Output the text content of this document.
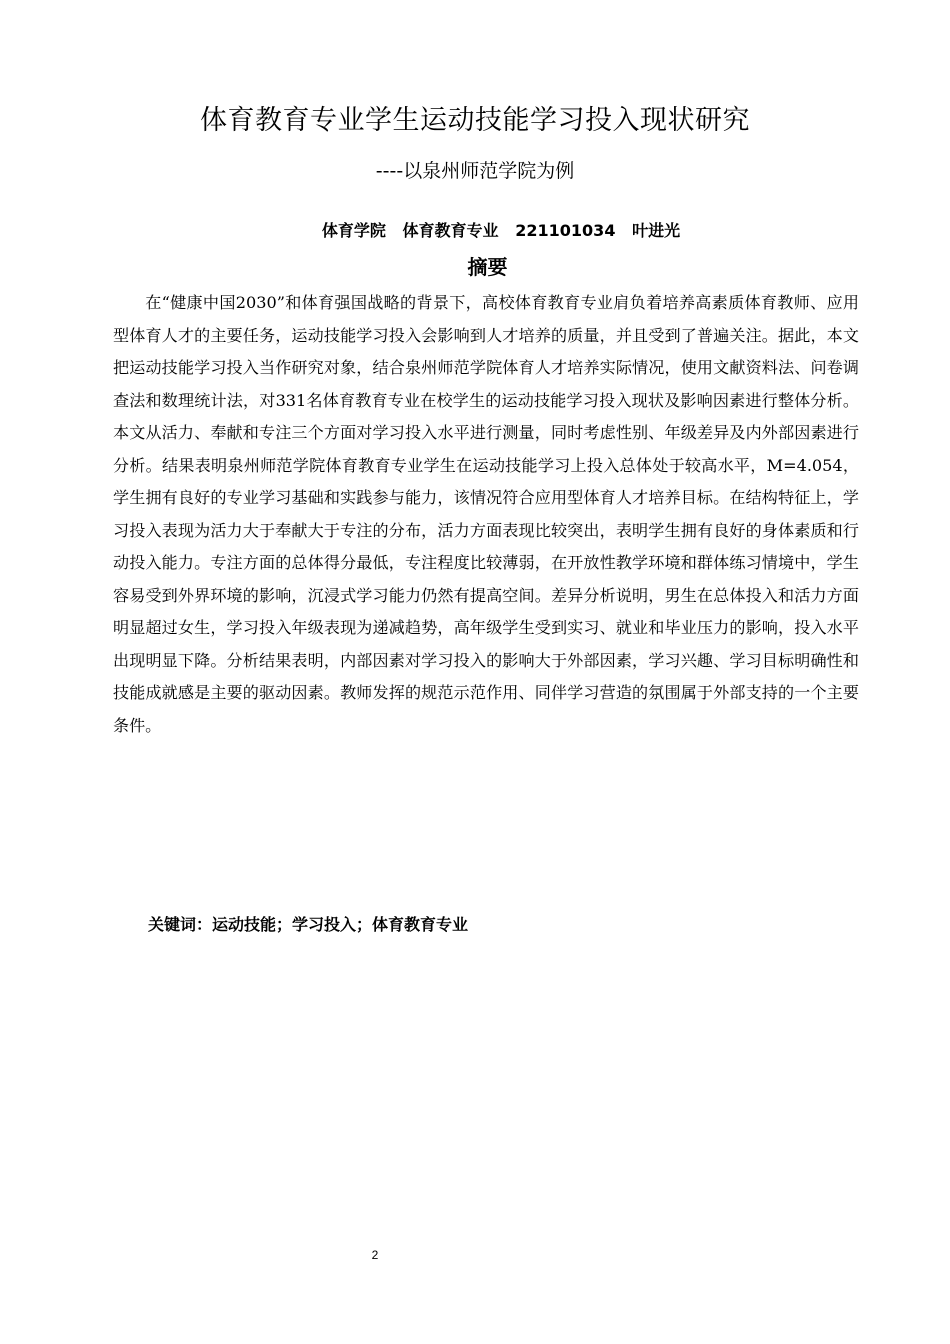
体育教育专业学生运动技能学习投入现状研究
----以泉州师范学院为例
体育学院   体育教育专业   221101034   叶进光
摘要

在“健康中国2030”和体育强国战略的背景下，高校体育教育专业肩负着培养高素质体育教师、应用型体育人才的主要任务，运动技能学习投入会影响到人才培养的质量，并且受到了普遍关注。据此，本文把运动技能学习投入当作研究对象，结合泉州师范学院体育人才培养实际情况，使用文献资料法、问卷调查法和数理统计法，对331名体育教育专业在校学生的运动技能学习投入现状及影响因素进行整体分析。本文从活力、奉献和专注三个方面对学习投入水平进行测量，同时考虑性别、年级差异及内外部因素进行分析。结果表明泉州师范学院体育教育专业学生在运动技能学习上投入总体处于较高水平，M=4.054，学生拥有良好的专业学习基础和实践参与能力，该情况符合应用型体育人才培养目标。在结构特征上，学习投入表现为活力大于奉献大于专注的分布，活力方面表现比较突出，表明学生拥有良好的身体素质和行动投入能力。专注方面的总体得分最低，专注程度比较薄弱，在开放性教学环境和群体练习情境中，学生容易受到外界环境的影响，沉浸式学习能力仍然有提高空间。差异分析说明，男生在总体投入和活力方面明显超过女生，学习投入年级表现为递减趋势，高年级学生受到实习、就业和毕业压力的影响，投入水平出现明显下降。分析结果表明，内部因素对学习投入的影响大于外部因素，学习兴趣、学习目标明确性和技能成就感是主要的驱动因素。教师发挥的规范示范作用、同伴学习营造的氛围属于外部支持的一个主要条件。

关键词：运动技能；学习投入；体育教育专业
2
